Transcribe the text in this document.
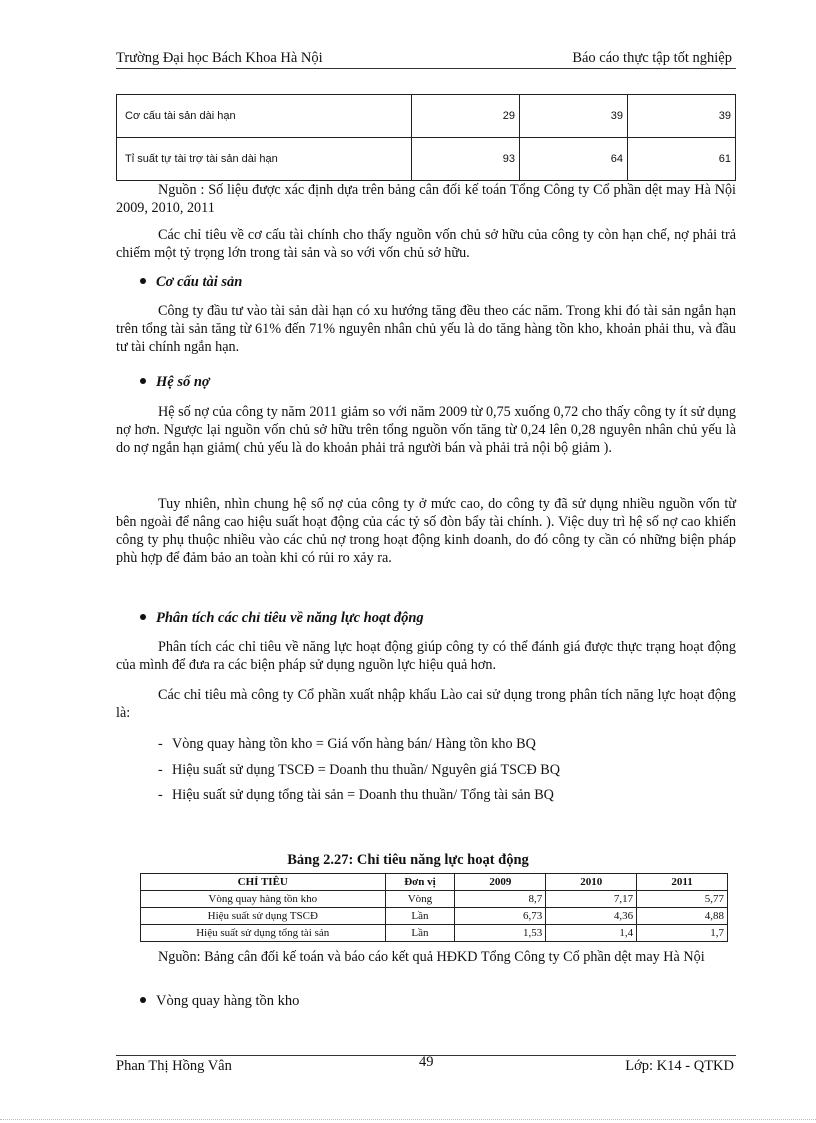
Trường Đại học Bách Khoa Hà Nội	Báo cáo thực tập tốt nghiệp
Cơ cấu tài sản dài hạn	29	39	39
Tỉ suất tự tài trợ tài sản dài hạn	93	64	61

Nguồn : Số liệu được xác định dựa trên bảng cân đối kế toán Tổng Công ty Cổ phần dệt may Hà Nội 2009, 2010, 2011

Các chỉ tiêu về cơ cấu tài chính cho thấy nguồn vốn chủ sở hữu của công ty còn hạn chế, nợ phải trả chiếm một tỷ trọng lớn trong tài sản và so với vốn chủ sở hữu.

Cơ cấu tài sản

Công ty đầu tư vào tài sản dài hạn có xu hướng tăng đều theo các năm. Trong khi đó tài sản ngắn hạn trên tổng tài sản tăng từ 61% đến 71% nguyên nhân chủ yếu là do tăng hàng tồn kho, khoản phải thu, và đầu tư tài chính ngắn hạn.

Hệ số nợ

Hệ số nợ của công ty năm 2011 giảm so với năm 2009 từ 0,75 xuống 0,72 cho thấy công ty ít sử dụng nợ hơn. Ngược lại nguồn vốn chủ sở hữu trên tổng nguồn vốn tăng từ 0,24 lên 0,28 nguyên nhân chủ yếu là do nợ ngắn hạn giảm( chủ yếu là do khoản phải trả người bán và phải trả nội bộ giảm ).

Tuy nhiên, nhìn chung hệ số nợ của công ty ở mức cao, do công ty đã sử dụng nhiều nguồn vốn từ bên ngoài để nâng cao hiệu suất hoạt động của các tỷ số đòn bẩy tài chính. ). Việc duy trì hệ số nợ cao khiến công ty phụ thuộc nhiều vào các chủ nợ trong hoạt động kinh doanh, do đó công ty cần có những biện pháp phù hợp để đảm bảo an toàn khi có rủi ro xảy ra.

Phân tích các chỉ tiêu về năng lực hoạt động

Phân tích các chỉ tiêu về năng lực hoạt động giúp công ty có thể đánh giá được thực trạng hoạt động của mình để đưa ra các biện pháp sử dụng nguồn lực hiệu quả hơn.

Các chỉ tiêu mà công ty Cổ phần xuất nhập khẩu Lào cai sử dụng trong phân tích năng lực hoạt động là:

- Vòng quay hàng tồn kho = Giá vốn hàng bán/ Hàng tồn kho BQ
- Hiệu suất sử dụng TSCĐ = Doanh thu thuần/ Nguyên giá TSCĐ BQ
- Hiệu suất sử dụng tổng tài sản = Doanh thu thuần/ Tổng tài sản BQ
Bảng 2.27: Chỉ tiêu năng lực hoạt động
CHỈ TIÊU	Đơn vị	2009	2010	2011
Vòng quay hàng tồn kho	Vòng	8,7	7,17	5,77
Hiệu suất sử dụng TSCĐ	Lần	6,73	4,36	4,88
Hiệu suất sử dụng tổng tài sản	Lần	1,53	1,4	1,7

Nguồn: Bảng cân đối kế toán và báo cáo kết quả HĐKD Tổng Công ty Cổ phần dệt may Hà Nội

Vòng quay hàng tồn kho
Phan Thị Hồng Vân	49	Lớp: K14 - QTKD
